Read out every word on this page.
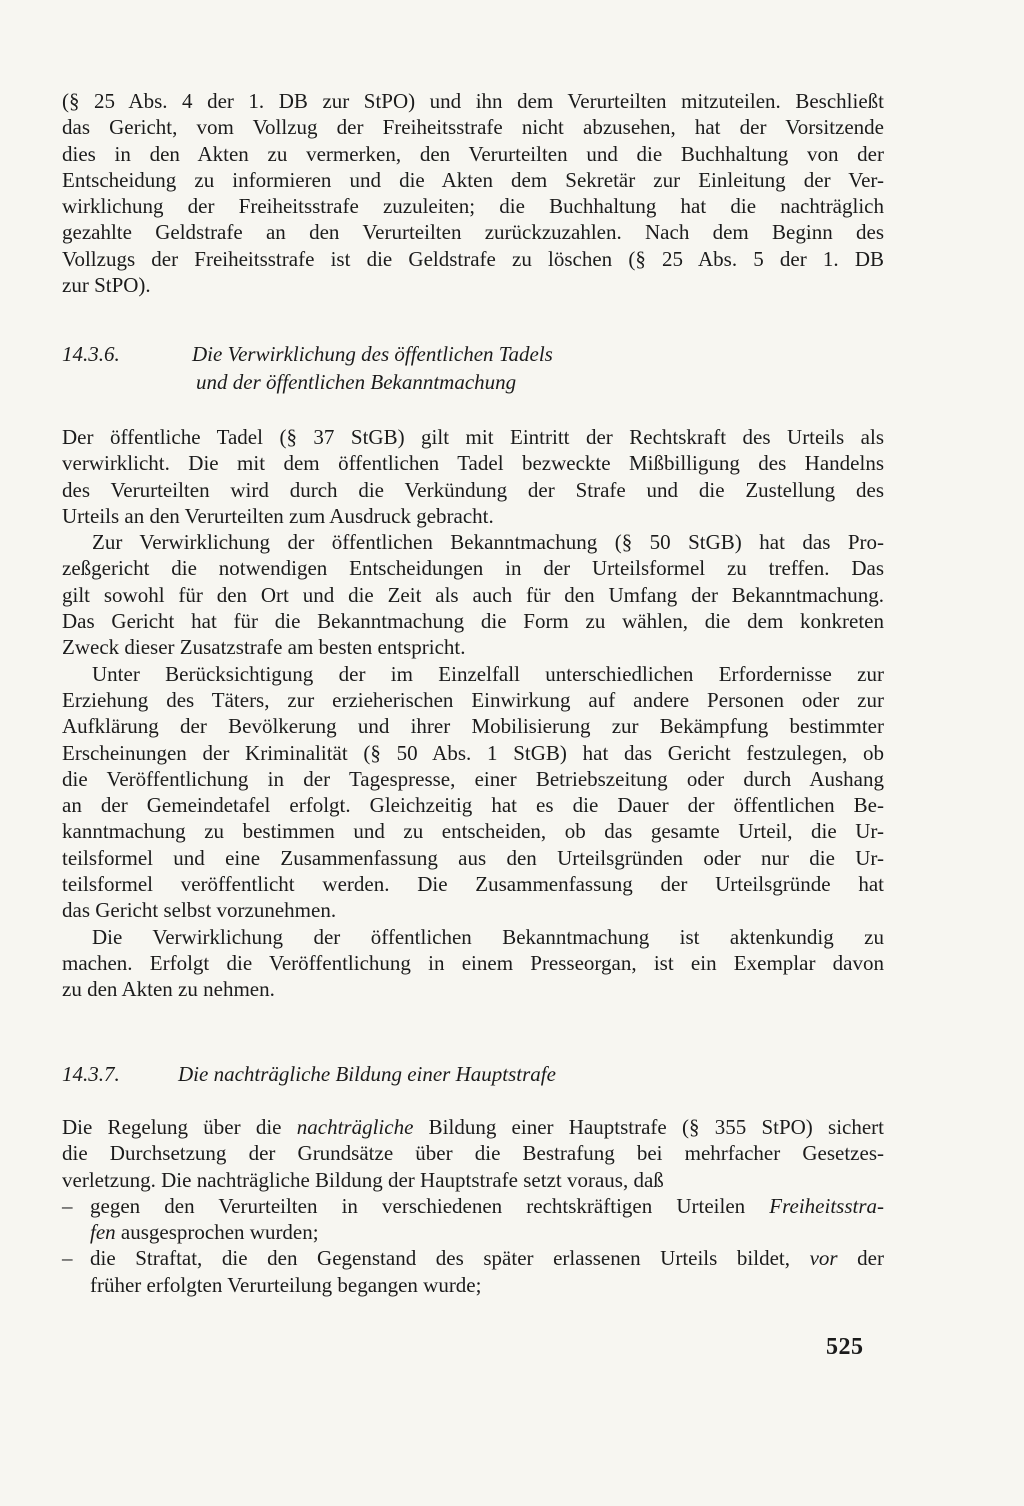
(§ 25 Abs. 4 der 1. DB zur StPO) und ihn dem Verurteilten mitzuteilen. Beschließt
das Gericht, vom Vollzug der Freiheitsstrafe nicht abzusehen, hat der Vorsitzende
dies in den Akten zu vermerken, den Verurteilten und die Buchhaltung von der
Entscheidung zu informieren und die Akten dem Sekretär zur Einleitung der Ver-
wirklichung der Freiheitsstrafe zuzuleiten; die Buchhaltung hat die nachträglich
gezahlte Geldstrafe an den Verurteilten zurückzuzahlen. Nach dem Beginn des
Vollzugs der Freiheitsstrafe ist die Geldstrafe zu löschen (§ 25 Abs. 5 der 1. DB
zur StPO).
14.3.6.	Die Verwirklichung des öffentlichen Tadels
und der öffentlichen Bekanntmachung
Der öffentliche Tadel (§ 37 StGB) gilt mit Eintritt der Rechtskraft des Urteils als
verwirklicht. Die mit dem öffentlichen Tadel bezweckte Mißbilligung des Handelns
des Verurteilten wird durch die Verkündung der Strafe und die Zustellung des
Urteils an den Verurteilten zum Ausdruck gebracht.
Zur Verwirklichung der öffentlichen Bekanntmachung (§ 50 StGB) hat das Pro-
zeßgericht die notwendigen Entscheidungen in der Urteilsformel zu treffen. Das
gilt sowohl für den Ort und die Zeit als auch für den Umfang der Bekanntmachung.
Das Gericht hat für die Bekanntmachung die Form zu wählen, die dem konkreten
Zweck dieser Zusatzstrafe am besten entspricht.
Unter Berücksichtigung der im Einzelfall unterschiedlichen Erfordernisse zur
Erziehung des Täters, zur erzieherischen Einwirkung auf andere Personen oder zur
Aufklärung der Bevölkerung und ihrer Mobilisierung zur Bekämpfung bestimmter
Erscheinungen der Kriminalität (§ 50 Abs. 1 StGB) hat das Gericht festzulegen, ob
die Veröffentlichung in der Tagespresse, einer Betriebszeitung oder durch Aushang
an der Gemeindetafel erfolgt. Gleichzeitig hat es die Dauer der öffentlichen Be-
kanntmachung zu bestimmen und zu entscheiden, ob das gesamte Urteil, die Ur-
teilsformel und eine Zusammenfassung aus den Urteilsgründen oder nur die Ur-
teilsformel veröffentlicht werden. Die Zusammenfassung der Urteilsgründe hat
das Gericht selbst vorzunehmen.
Die Verwirklichung der öffentlichen Bekanntmachung ist aktenkundig zu
machen. Erfolgt die Veröffentlichung in einem Presseorgan, ist ein Exemplar davon
zu den Akten zu nehmen.
14.3.7.	Die nachträgliche Bildung einer Hauptstrafe
Die Regelung über die nachträgliche Bildung einer Hauptstrafe (§ 355 StPO) sichert
die Durchsetzung der Grundsätze über die Bestrafung bei mehrfacher Gesetzes-
verletzung. Die nachträgliche Bildung der Hauptstrafe setzt voraus, daß
– gegen den Verurteilten in verschiedenen rechtskräftigen Urteilen Freiheitsstra-
fen ausgesprochen wurden;
– die Straftat, die den Gegenstand des später erlassenen Urteils bildet, vor der
früher erfolgten Verurteilung begangen wurde;
525
